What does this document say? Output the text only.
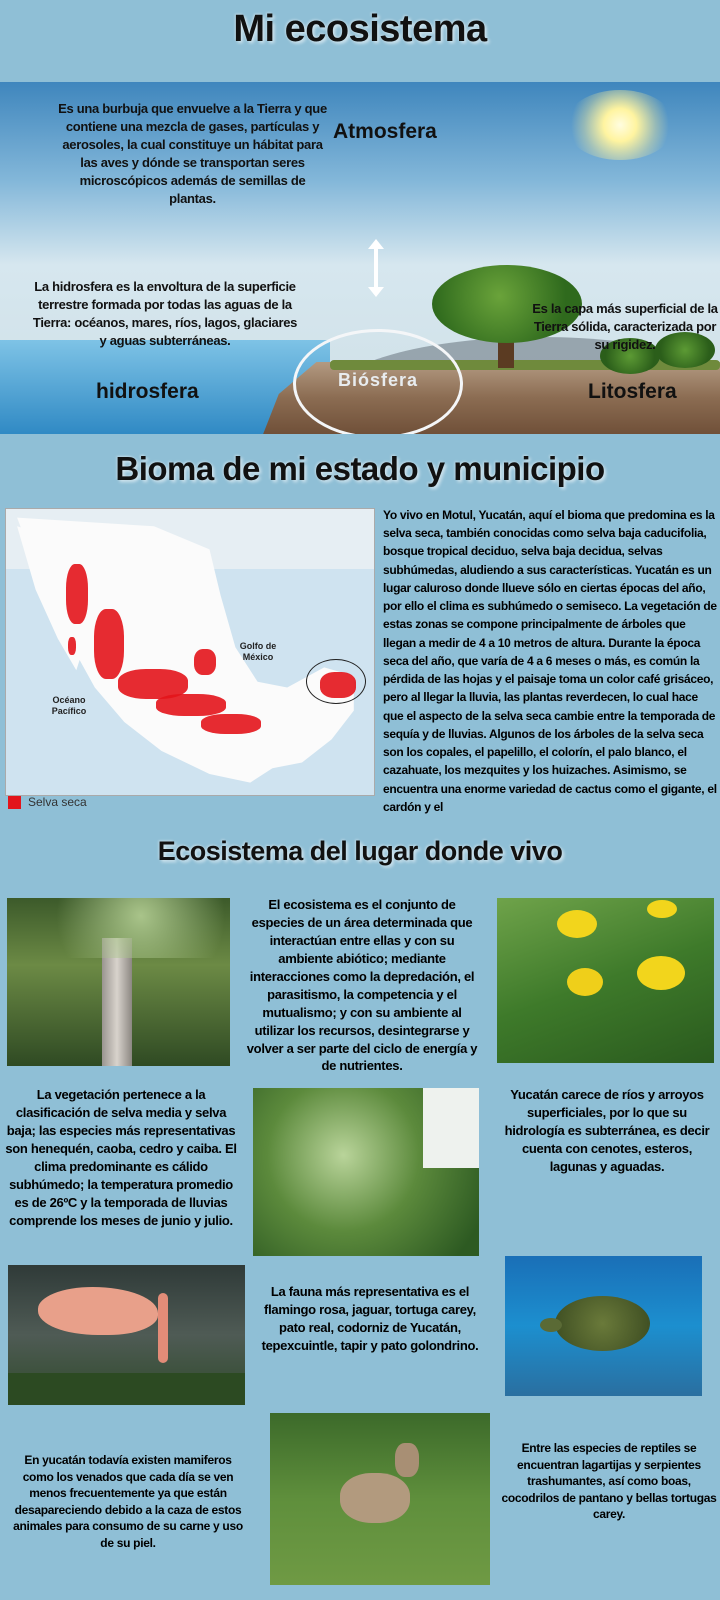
Mi ecosistema
Biósfera
Es una burbuja que envuelve a la Tierra y que contiene una mezcla de gases, partículas y aerosoles, la cual constituye un hábitat para las aves y dónde se transportan seres microscópicos además de semillas de plantas.
Atmosfera
La hidrosfera es la envoltura de la superficie terrestre formada por todas las aguas de la Tierra: océanos, mares, ríos, lagos, glaciares y aguas subterráneas.
hidrosfera
Es la capa más superficial de la Tierra sólida, caracterizada por su rigidez.
Litosfera
Bioma de mi estado y municipio
Golfo de México
Océano Pacífico
Selva seca
Yo vivo en Motul, Yucatán, aquí el bioma que predomina es la selva seca, también conocidas como selva baja caducifolia, bosque tropical deciduo, selva baja decidua, selvas subhúmedas, aludiendo a sus características. Yucatán es un lugar caluroso donde llueve sólo en ciertas épocas del año, por ello el clima es subhúmedo o semiseco. La vegetación de estas zonas se compone principalmente de árboles que llegan a medir de 4 a 10 metros de altura. Durante la época seca del año, que varía de 4 a 6 meses o más, es común la pérdida de las hojas y el paisaje toma un color café grisáceo, pero al llegar la lluvia, las plantas reverdecen, lo cual hace que el aspecto de la selva seca cambie entre la temporada de sequía y de lluvias. Algunos de los árboles de la selva seca son los copales, el papelillo, el colorín, el palo blanco, el cazahuate, los mezquites y los huizaches. Asimismo, se encuentra una enorme variedad de cactus como el gigante, el cardón y el
Ecosistema del lugar donde vivo
El ecosistema es el conjunto de especies de un área determinada que interactúan entre ellas y con su ambiente abiótico; mediante interacciones como la depredación, el parasitismo, la competencia y el mutualismo; y con su ambiente al utilizar los recursos, desintegrarse y volver a ser parte del ciclo de energía y de nutrientes.
La vegetación pertenece a la clasificación de selva media y selva baja; las especies más representativas son henequén, caoba, cedro y caiba. El clima predominante es cálido subhúmedo; la temperatura promedio es de 26ºC y la temporada de lluvias comprende los meses de junio y julio.
Yucatán carece de ríos y arroyos superficiales, por lo que su hidrología es subterránea, es decir cuenta con cenotes, esteros, lagunas y aguadas.
La fauna más representativa es el flamingo rosa, jaguar, tortuga carey, pato real, codorniz de Yucatán, tepexcuintle, tapir y pato golondrino.
En yucatán todavía existen mamiferos como los venados que cada día se ven menos frecuentemente ya que están desapareciendo debido a la caza de estos animales para consumo de su carne y uso de su piel.
Entre las especies de reptiles se encuentran lagartijas y serpientes trashumantes, así como boas, cocodrilos de pantano y bellas tortugas carey.
